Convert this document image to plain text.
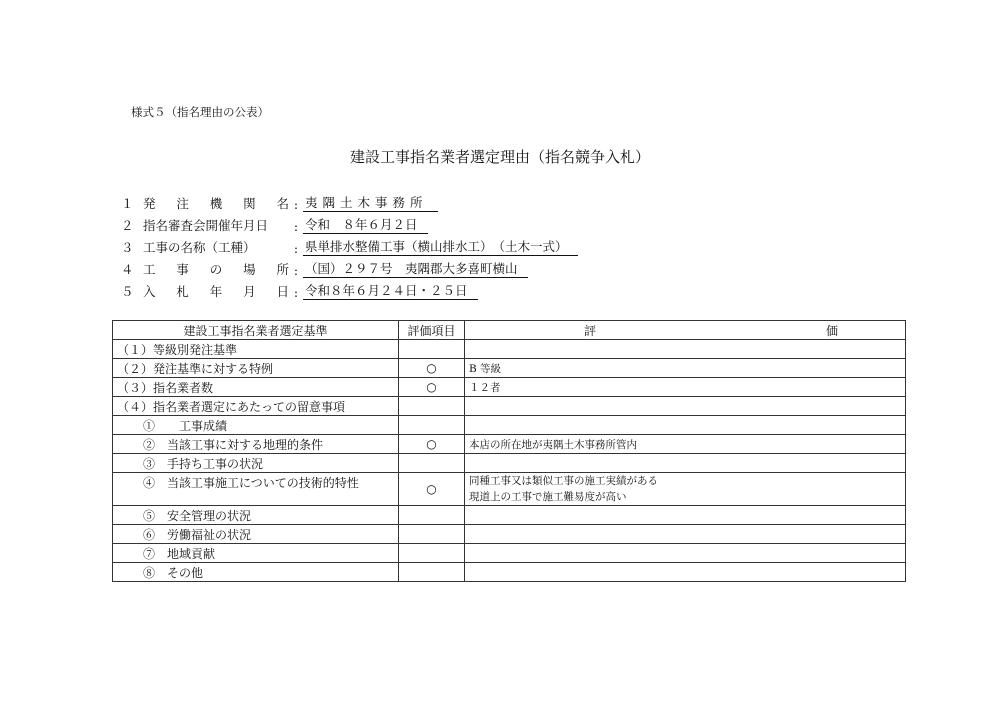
様式５（指名理由の公表）
建設工事指名業者選定理由（指名競争入札）
１ 発 注 機 関 名 : 夷隅土木事務所
２ 指名審査会開催年月日	: 令和　８年６月２日
３ 工事の名称（工種）	: 県単排水整備工事（横山排水工）　（土木一式）
４ 工 事 の 場 所 : （国）２９７号　夷隅郡大多喜町横山
５ 入 札 年 月 日 : 令和８年６月２４日・２５日
建設工事指名業者選定基準	評価項目	評 価
（１）等級別発注基準		
（２）発注基準に対する特例	○	B 等級
（３）指名業者数	○	１２者
（４）指名業者選定にあたっての留意事項		
①　　工事成績		
②　当該工事に対する地理的条件	○	本店の所在地が夷隅土木事務所管内
③　手持ち工事の状況		
④　当該工事施工についての技術的特性	○	同種工事又は類似工事の施工実績がある
現道上の工事で施工難易度が高い

⑤　安全管理の状況		
⑥　労働福祉の状況		
⑦　地域貢献		
⑧　その他		
